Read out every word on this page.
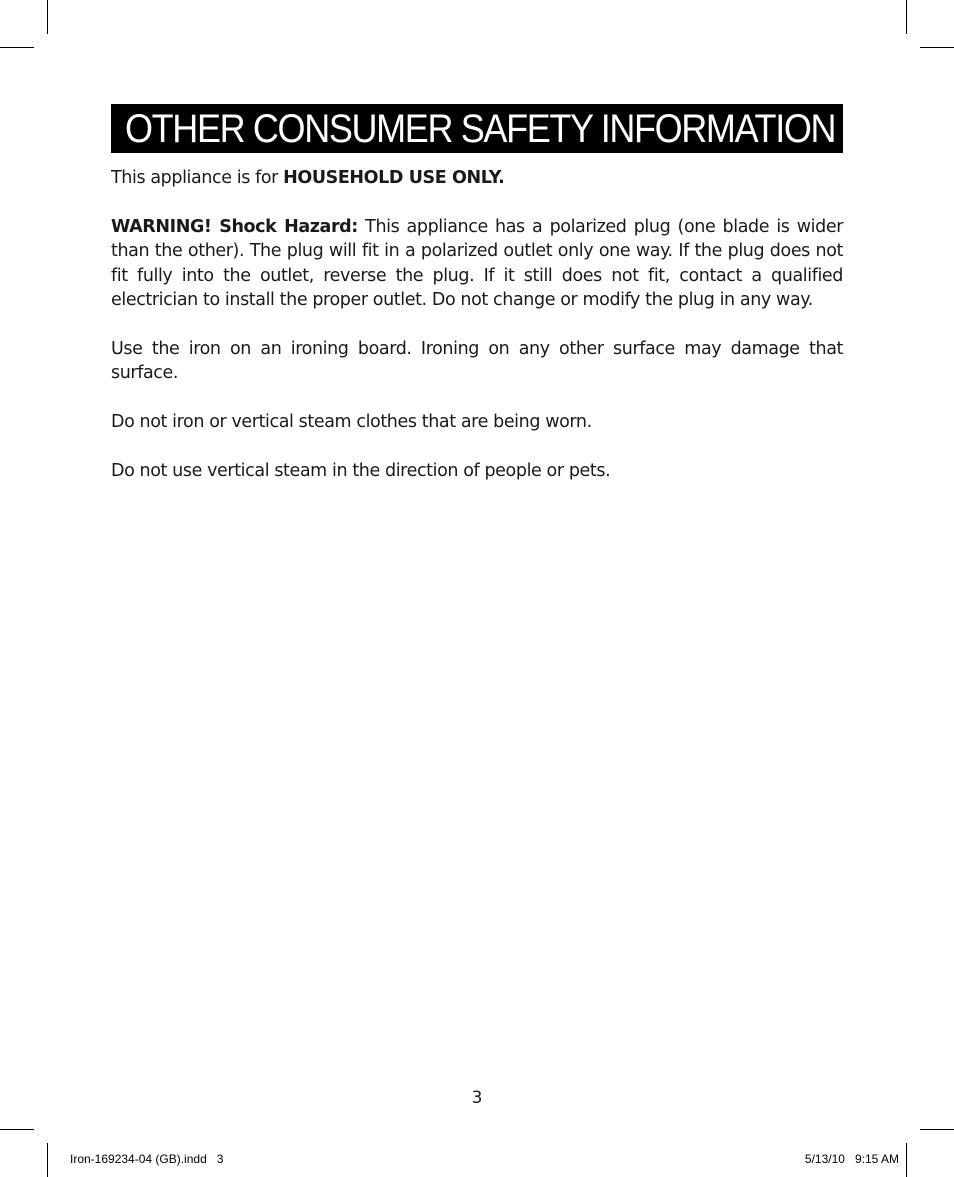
OTHER CONSUMER SAFETY INFORMATION

This appliance is for HOUSEHOLD USE ONLY.

WARNING! Shock Hazard: This appliance has a polarized plug (one blade is wider than the other). The plug will fit in a polarized outlet only one way. If the plug does not fit fully into the outlet, reverse the plug. If it still does not fit, contact a qualified electrician to install the proper outlet. Do not change or modify the plug in any way.

Use the iron on an ironing board. Ironing on any other surface may damage that surface.

Do not iron or vertical steam clothes that are being worn.

Do not use vertical steam in the direction of people or pets.

3
Iron-169234-04 (GB).indd   3	5/13/10   9:15 AM
